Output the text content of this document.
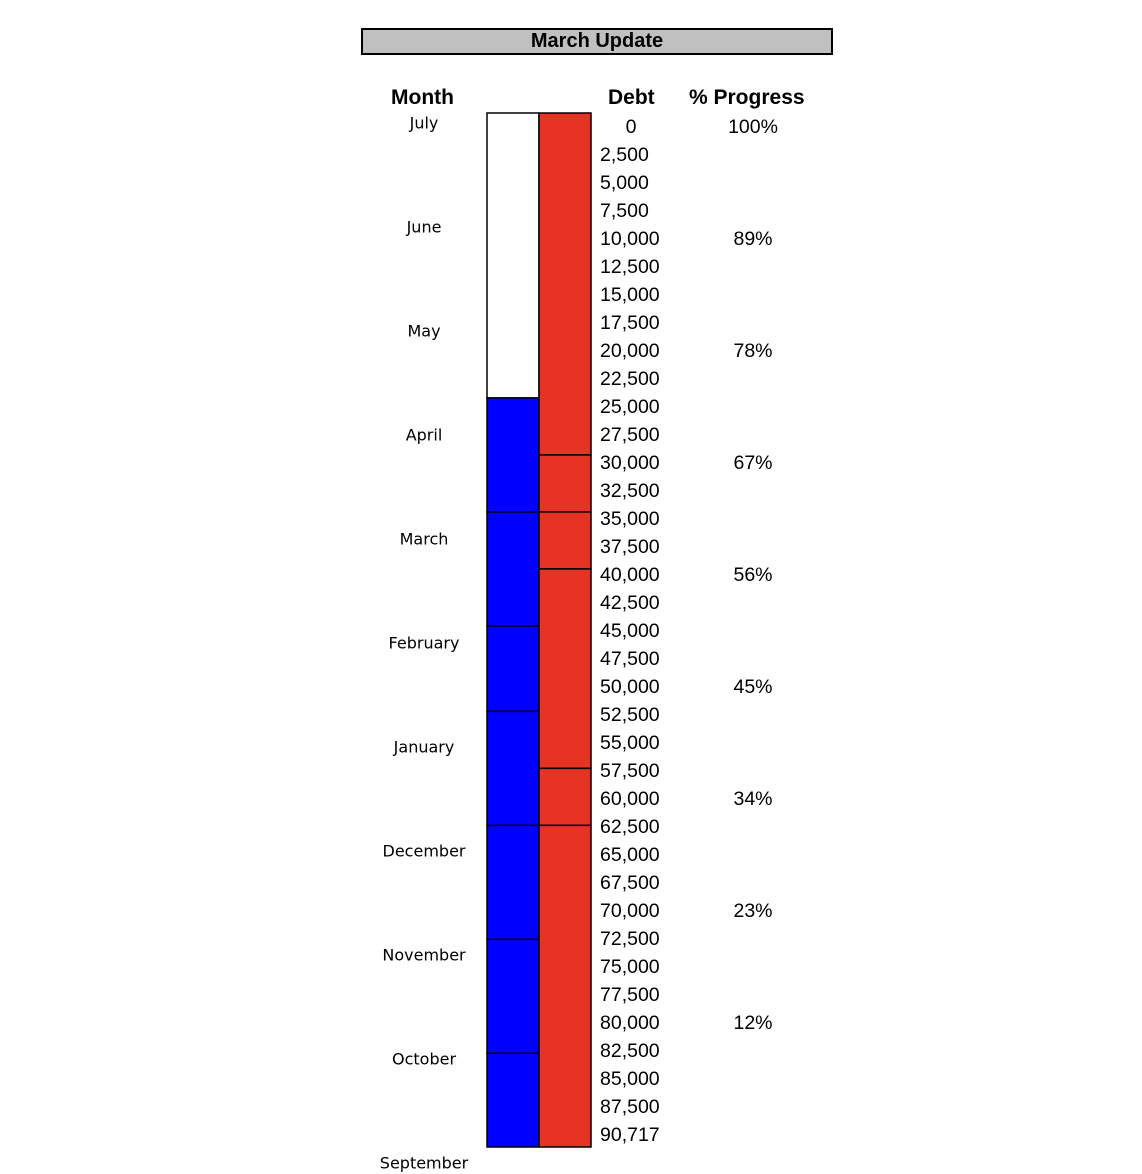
March Update
Month	Debt % Progress
0
2,500
5,000
7,500
10,000
12,500
15,000
17,500
20,000
22,500
25,000
27,500
30,000
32,500
35,000
37,500
40,000
42,500
45,000
47,500
50,000
52,500
55,000
57,500
60,000
62,500
65,000
67,500
70,000
72,500
75,000
77,500
80,000
82,500
85,000
87,500
90,717
100%
89%
78%
67%
56%
45%
34%
23%
12%
July
June
May
April
March
February
January
December
November
October
September
